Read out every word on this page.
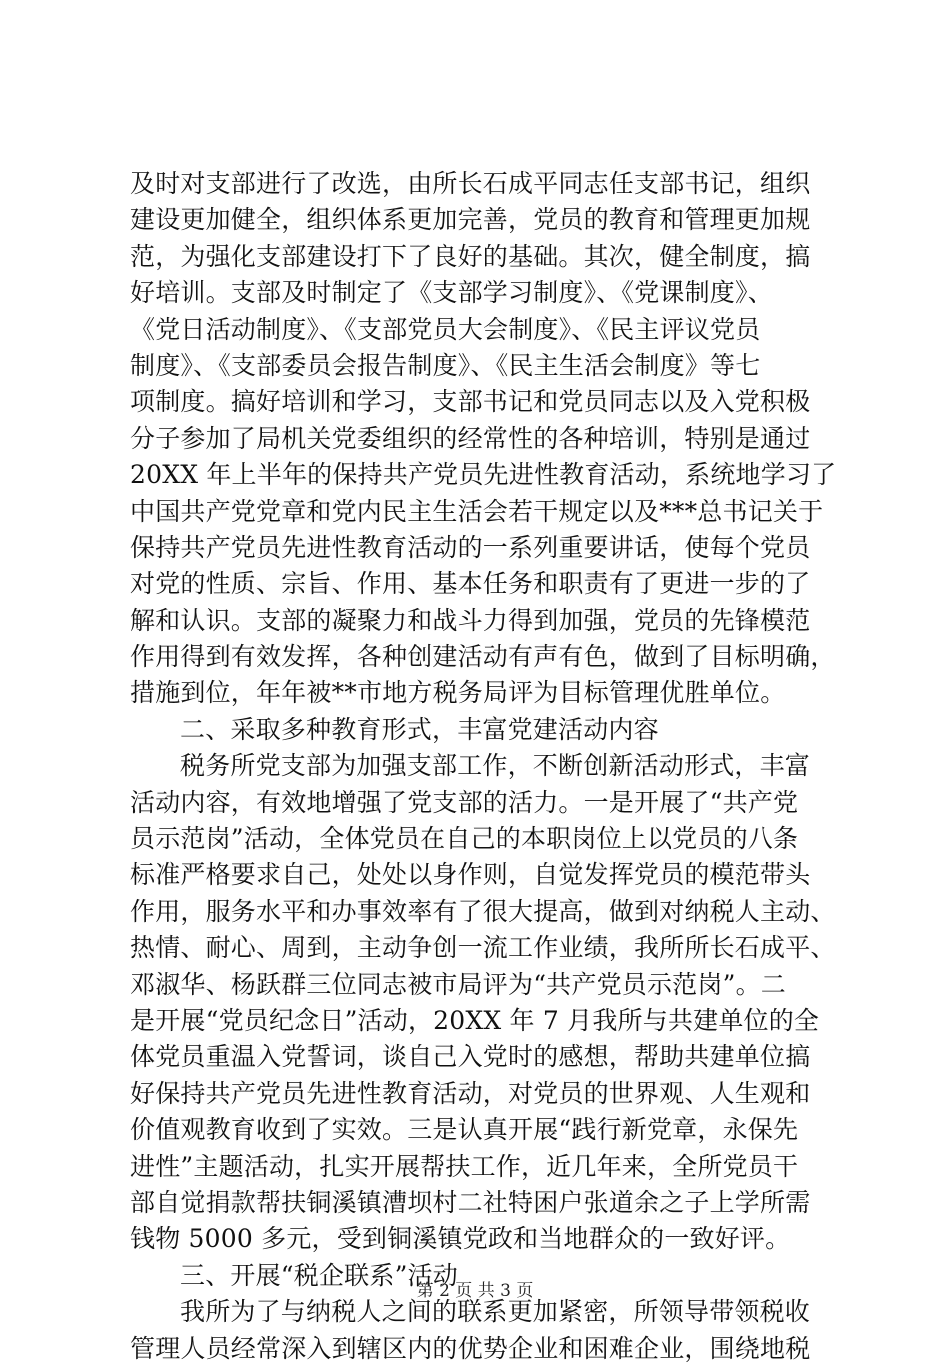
及时对支部进行了改选，由所长石成平同志任支部书记，组织
建设更加健全，组织体系更加完善，党员的教育和管理更加规
范，为强化支部建设打下了良好的基础。其次，健全制度，搞
好培训。支部及时制定了《支部学习制度》、《党课制度》、
《党日活动制度》、《支部党员大会制度》、《民主评议党员
制度》、《支部委员会报告制度》、《民主生活会制度》等七
项制度。搞好培训和学习，支部书记和党员同志以及入党积极
分子参加了局机关党委组织的经常性的各种培训，特别是通过
20XX 年上半年的保持共产党员先进性教育活动，系统地学习了
中国共产党党章和党内民主生活会若干规定以及***总书记关于
保持共产党员先进性教育活动的一系列重要讲话，使每个党员
对党的性质、宗旨、作用、基本任务和职责有了更进一步的了
解和认识。支部的凝聚力和战斗力得到加强，党员的先锋模范
作用得到有效发挥，各种创建活动有声有色，做到了目标明确，
措施到位，年年被**市地方税务局评为目标管理优胜单位。
二、采取多种教育形式，丰富党建活动内容
税务所党支部为加强支部工作，不断创新活动形式，丰富
活动内容，有效地增强了党支部的活力。一是开展了“共产党
员示范岗”活动，全体党员在自己的本职岗位上以党员的八条
标准严格要求自己，处处以身作则，自觉发挥党员的模范带头
作用，服务水平和办事效率有了很大提高，做到对纳税人主动、
热情、耐心、周到，主动争创一流工作业绩，我所所长石成平、
邓淑华、杨跃群三位同志被市局评为“共产党员示范岗”。二
是开展“党员纪念日”活动，20XX 年 7 月我所与共建单位的全
体党员重温入党誓词，谈自己入党时的感想，帮助共建单位搞
好保持共产党员先进性教育活动，对党员的世界观、人生观和
价值观教育收到了实效。三是认真开展“践行新党章，永保先
进性”主题活动，扎实开展帮扶工作，近几年来，全所党员干
部自觉捐款帮扶铜溪镇漕坝村二社特困户张道余之子上学所需
钱物 5000 多元，受到铜溪镇党政和当地群众的一致好评。
三、开展“税企联系”活动
我所为了与纳税人之间的联系更加紧密，所领导带领税收
管理人员经常深入到辖区内的优势企业和困难企业，围绕地税
第 2 页 共 3 页
